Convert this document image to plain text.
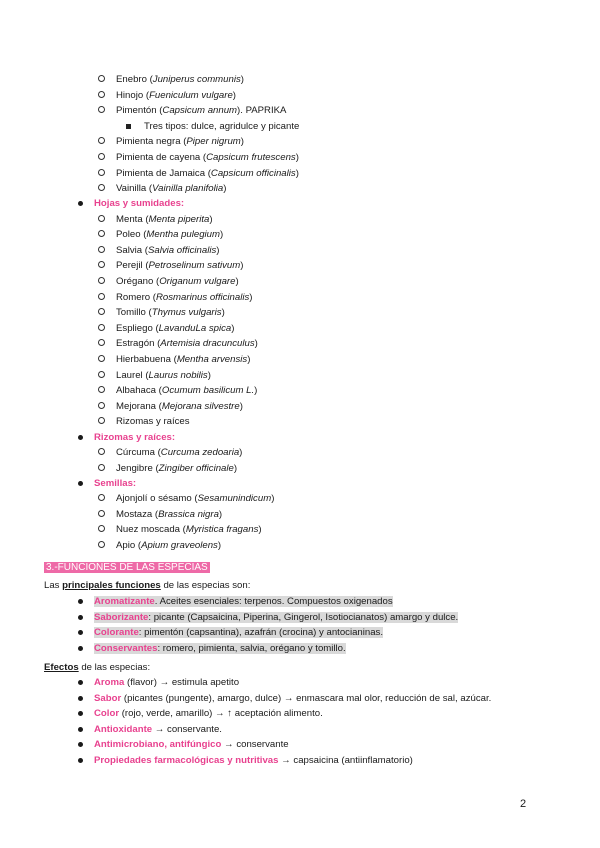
Enebro (Juniperus communis)
Hinojo (Fueniculum vulgare)
Pimentón (Capsicum annum). PAPRIKA
Tres tipos: dulce, agridulce y picante
Pimienta negra (Piper nigrum)
Pimienta de cayena (Capsicum frutescens)
Pimienta de Jamaica (Capsicum officinalis)
Vainilla (Vainilla planifolia)
Hojas y sumidades:
Menta (Menta piperita)
Poleo (Mentha pulegium)
Salvia (Salvia officinalis)
Perejil (Petroselinum sativum)
Orégano (Origanum vulgare)
Romero (Rosmarinus officinalis)
Tomillo (Thymus vulgaris)
Espliego (LavanduLa spica)
Estragón (Artemisia dracunculus)
Hierbabuena (Mentha arvensis)
Laurel (Laurus nobilis)
Albahaca (Ocumum basilicum L.)
Mejorana (Mejorana silvestre)
Rizomas y raíces
Rizomas y raíces:
Cúrcuma (Curcuma zedoaria)
Jengibre (Zingiber officinale)
Semillas:
Ajonjolí o sésamo (Sesamunindicum)
Mostaza (Brassica nigra)
Nuez moscada (Myristica fragans)
Apio (Apium graveolens)
3.-FUNCIONES DE LAS ESPECIAS
Las principales funciones de las especias son:
Aromatizante. Aceites esenciales: terpenos. Compuestos oxigenados
Saborizante: picante (Capsaicina, Piperina, Gingerol, Isotiocianatos) amargo y dulce.
Colorante: pimentón (capsantina), azafrán (crocina) y antocianinas.
Conservantes: romero, pimienta, salvia, orégano y tomillo.
Efectos de las especias:
Aroma (flavor) → estimula apetito
Sabor (picantes (pungente), amargo, dulce) → enmascara mal olor, reducción de sal, azúcar.
Color (rojo, verde, amarillo) → ↑ aceptación alimento.
Antioxidante → conservante.
Antimicrobiano, antifúngico → conservante
Propiedades farmacológicas y nutritivas → capsaicina (antiinflamatorio)
2
